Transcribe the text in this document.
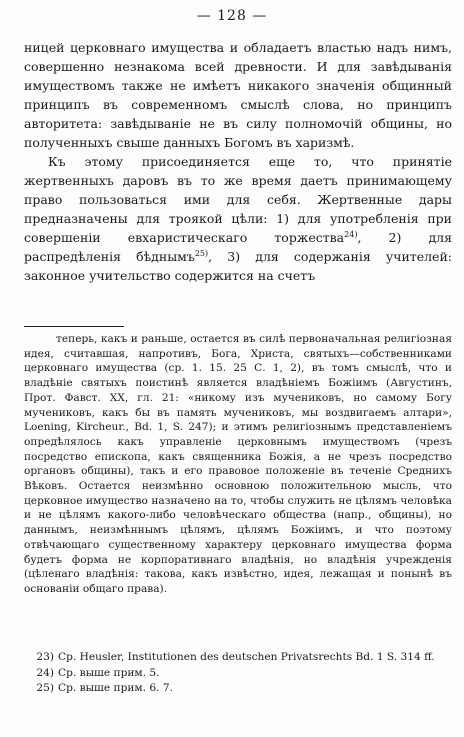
— 128 —

ницей церковнаго имущества и обладаетъ властью надъ нимъ, совершенно незнакома всей древности. И для завѣдыванія имуществомъ также не имѣетъ никакого значенія общинный принципъ въ современномъ смыслѣ слова, но принципъ авторитета: завѣдываніе не въ силу полномочій общины, но полученныхъ свыше данныхъ Богомъ въ харизмѣ.

Къ этому присоединяется еще то, что принятіе жертвенныхъ даровъ въ то же время даетъ принимающему право пользоваться ими для себя. Жертвенные дары предназначены для троякой цѣли: 1) для употребленія при совершеніи евхаристическаго торжества$^{24)}$, 2) для распредѣленія бѣднымъ$^{25)}$, 3) для содержанія учителей: законное учительство содержится на счетъ

теперь, какъ и раньше, остается въ силѣ первоначальная религіозная идея, считавшая, напротивъ, Бога, Христа, святыхъ—собственниками церковнаго имущества (ср. 1. 15. 25 С. 1, 2), въ томъ смыслѣ, что и владѣніе святыхъ поистинѣ является владѣніемъ Божіимъ (Августинъ, Прот. Фавст. XX, гл. 21: «никому изъ мучениковъ, но самому Богу мучениковъ, какъ бы въ память мучениковъ, мы воздвигаемъ алтари», Loening, Kircheur., Bd. 1, S. 247); и этимъ религіознымъ представленіемъ опредѣлялось какъ управленіе церковнымъ имуществомъ (чрезъ посредство епископа, какъ священника Божія, а не чрезъ посредство органовъ общины), такъ и его правовое положеніе въ теченіе Среднихъ Вѣковъ. Остается неизмѣнно основною положительною мысль, что церковное имущество назначено на то, чтобы служить не цѣлямъ человѣка и не цѣлямъ какого-либо человѣческаго общества (напр., общины), но даннымъ, неизмѣннымъ цѣлямъ, цѣлямъ Божіимъ, и что поэтому отвѣчающаго существенному характеру церковнаго имущества форма будетъ форма не корпоративнаго владѣнія, но владѣнія учрежденія (цѣленаго владѣнія: такова, какъ извѣстно, идея, лежащая и понынѣ въ основаніи общаго права).

23) Cp. Heusler, Institutionen des deutschen Privatsrechts Bd. 1 S. 314 ff.
24) Ср. выше прим. 5.
25) Ср. выше прим. 6. 7.
